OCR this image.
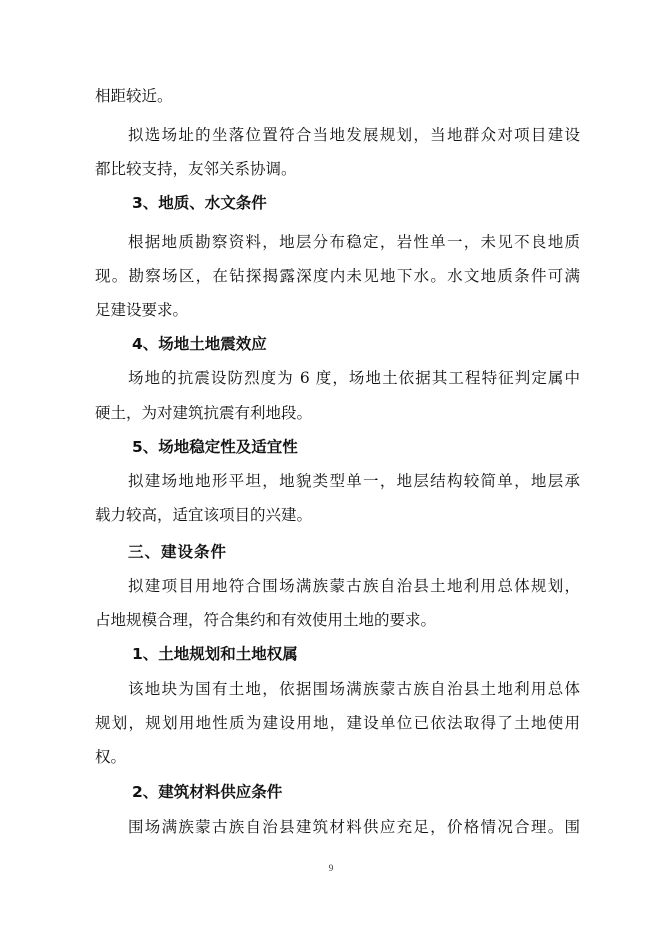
相距较近。
拟选场址的坐落位置符合当地发展规划，当地群众对项目建设
都比较支持，友邻关系协调。
3、地质、水文条件
根据地质勘察资料，地层分布稳定，岩性单一，未见不良地质
现。勘察场区，在钻探揭露深度内未见地下水。水文地质条件可满
足建设要求。
4、场地土地震效应
场地的抗震设防烈度为 6 度，场地土依据其工程特征判定属中
硬土，为对建筑抗震有利地段。
5、场地稳定性及适宜性
拟建场地地形平坦，地貌类型单一，地层结构较简单，地层承
载力较高，适宜该项目的兴建。
三、建设条件
拟建项目用地符合围场满族蒙古族自治县土地利用总体规划，
占地规模合理，符合集约和有效使用土地的要求。
1、土地规划和土地权属
该地块为国有土地，依据围场满族蒙古族自治县土地利用总体
规划，规划用地性质为建设用地，建设单位已依法取得了土地使用
权。
2、建筑材料供应条件
围场满族蒙古族自治县建筑材料供应充足，价格情况合理。围
9
